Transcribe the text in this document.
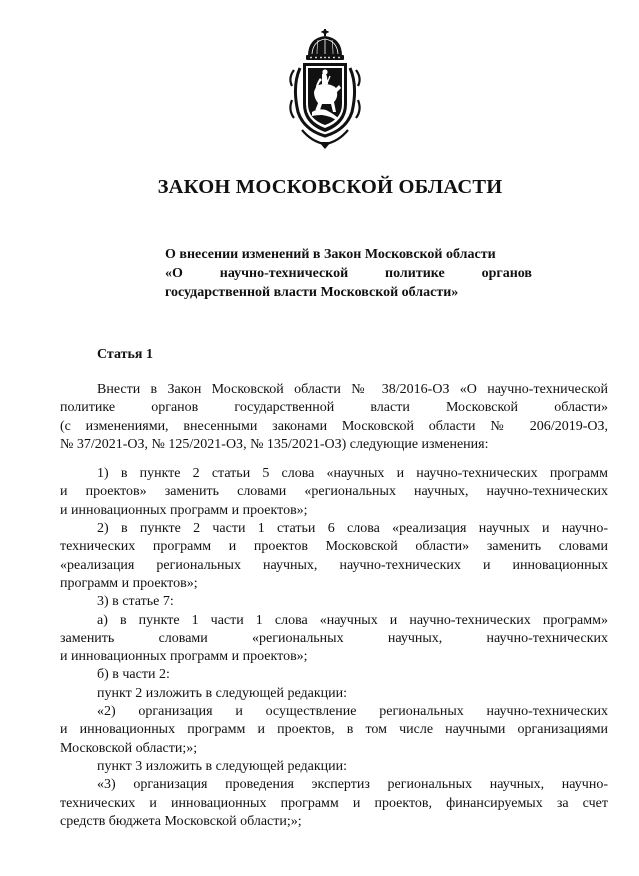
ЗАКОН МОСКОВСКОЙ ОБЛАСТИ
О внесении изменений в Закон Московской области
«О научно-технической политике органов
государственной власти Московской области»
Статья 1
Внести в Закон Московской области № 38/2016-ОЗ «О научно-технической
политике органов государственной власти Московской области»
(с изменениями, внесенными законами Московской области № 206/2019-ОЗ,
№ 37/2021-ОЗ, № 125/2021-ОЗ, № 135/2021-ОЗ) следующие изменения:
1) в пункте 2 статьи 5 слова «научных и научно-технических программ
и проектов» заменить словами «региональных научных, научно-технических
и инновационных программ и проектов»;
2) в пункте 2 части 1 статьи 6 слова «реализация научных и научно-
технических программ и проектов Московской области» заменить словами
«реализация региональных научных, научно-технических и инновационных
программ и проектов»;
3) в статье 7:
а) в пункте 1 части 1 слова «научных и научно-технических программ»
заменить словами «региональных научных, научно-технических
и инновационных программ и проектов»;
б) в части 2:
пункт 2 изложить в следующей редакции:
«2) организация и осуществление региональных научно-технических
и инновационных программ и проектов, в том числе научными организациями
Московской области;»;
пункт 3 изложить в следующей редакции:
«3) организация проведения экспертиз региональных научных, научно-
технических и инновационных программ и проектов, финансируемых за счет
средств бюджета Московской области;»;
